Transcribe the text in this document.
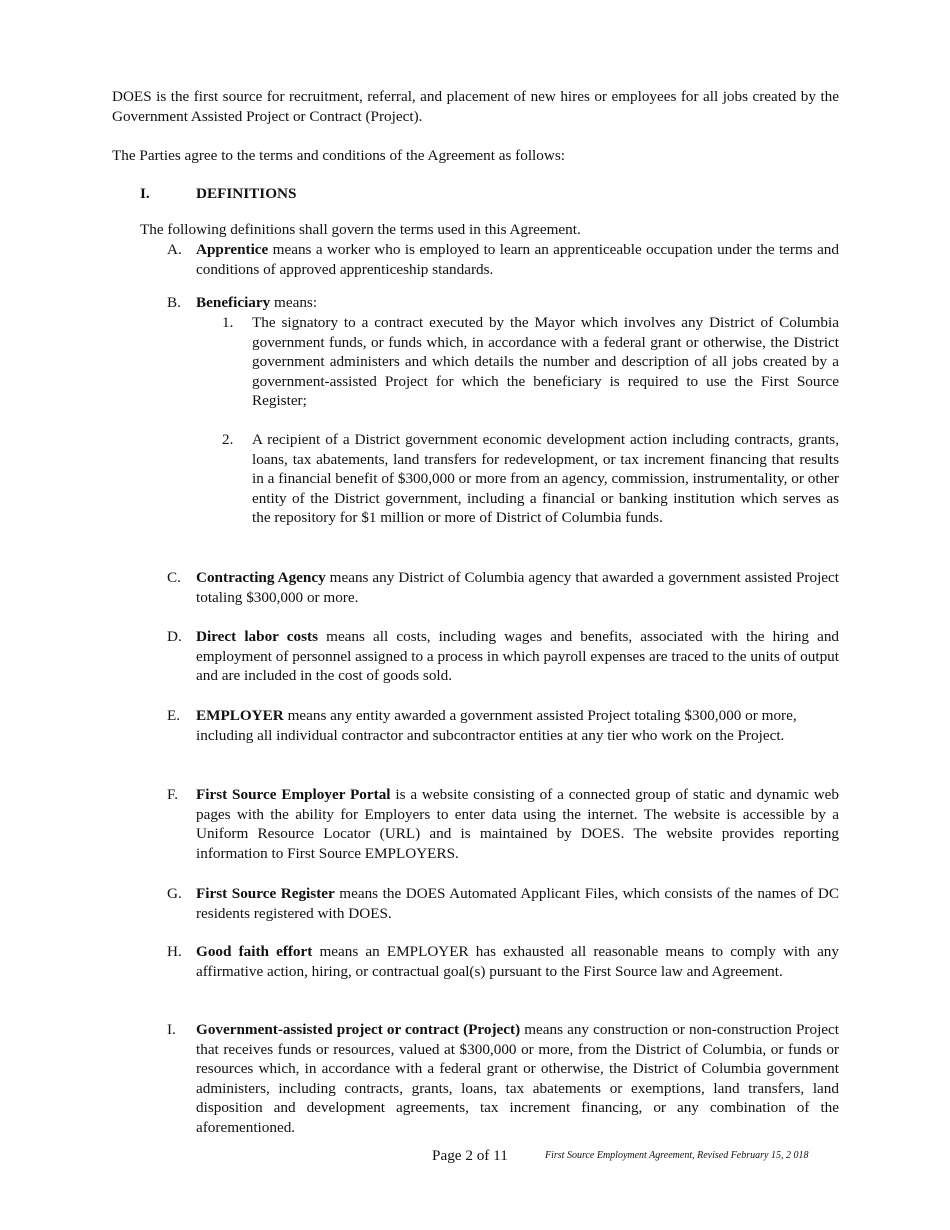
DOES is the first source for recruitment, referral, and placement of new hires or employees for all jobs created by the Government Assisted Project or Contract (Project).
The Parties agree to the terms and conditions of the Agreement as follows:
I.	DEFINITIONS
The following definitions shall govern the terms used in this Agreement.
A. Apprentice means a worker who is employed to learn an apprenticeable occupation under the terms and conditions of approved apprenticeship standards.
B. Beneficiary means:
1. The signatory to a contract executed by the Mayor which involves any District of Columbia government funds, or funds which, in accordance with a federal grant or otherwise, the District government administers and which details the number and description of all jobs created by a government-assisted Project for which the beneficiary is required to use the First Source Register;
2. A recipient of a District government economic development action including contracts, grants, loans, tax abatements, land transfers for redevelopment, or tax increment financing that results in a financial benefit of $300,000 or more from an agency, commission, instrumentality, or other entity of the District government, including a financial or banking institution which serves as the repository for $1 million or more of District of Columbia funds.
C. Contracting Agency means any District of Columbia agency that awarded a government assisted Project totaling $300,000 or more.
D. Direct labor costs means all costs, including wages and benefits, associated with the hiring and employment of personnel assigned to a process in which payroll expenses are traced to the units of output and are included in the cost of goods sold.
E. EMPLOYER means any entity awarded a government assisted Project totaling $300,000 or more, including all individual contractor and subcontractor entities at any tier who work on the Project.
F. First Source Employer Portal is a website consisting of a connected group of static and dynamic web pages with the ability for Employers to enter data using the internet. The website is accessible by a Uniform Resource Locator (URL) and is maintained by DOES. The website provides reporting information to First Source EMPLOYERS.
G. First Source Register means the DOES Automated Applicant Files, which consists of the names of DC residents registered with DOES.
H. Good faith effort means an EMPLOYER has exhausted all reasonable means to comply with any affirmative action, hiring, or contractual goal(s) pursuant to the First Source law and Agreement.
I. Government-assisted project or contract (Project) means any construction or non-construction Project that receives funds or resources, valued at $300,000 or more, from the District of Columbia, or funds or resources which, in accordance with a federal grant or otherwise, the District of Columbia government administers, including contracts, grants, loans, tax abatements or exemptions, land transfers, land disposition and development agreements, tax increment financing, or any combination of the aforementioned.
Page 2 of 11	First Source Employment Agreement, Revised February 15, 2 018
